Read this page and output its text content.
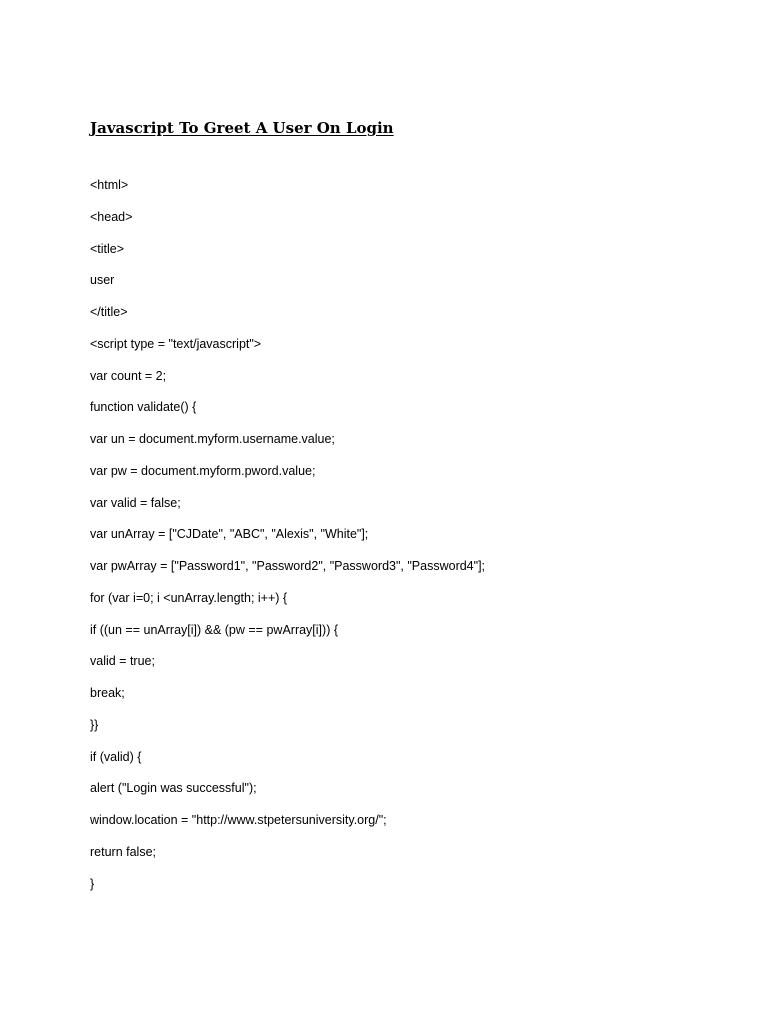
Javascript To Greet A User On Login
<html>
<head>
<title>
user
</title>
<script type = "text/javascript">
var count = 2;
function validate() {
var un = document.myform.username.value;
var pw = document.myform.pword.value;
var valid = false;
var unArray = ["CJDate", "ABC", "Alexis", "White"];
var pwArray = ["Password1", "Password2", "Password3", "Password4"];
for (var i=0; i <unArray.length; i++) {
if ((un == unArray[i]) && (pw == pwArray[i])) {
valid = true;
break;
}}
if (valid) {
alert ("Login was successful");
window.location = "http://www.stpetersuniversity.org/";
return false;
}
